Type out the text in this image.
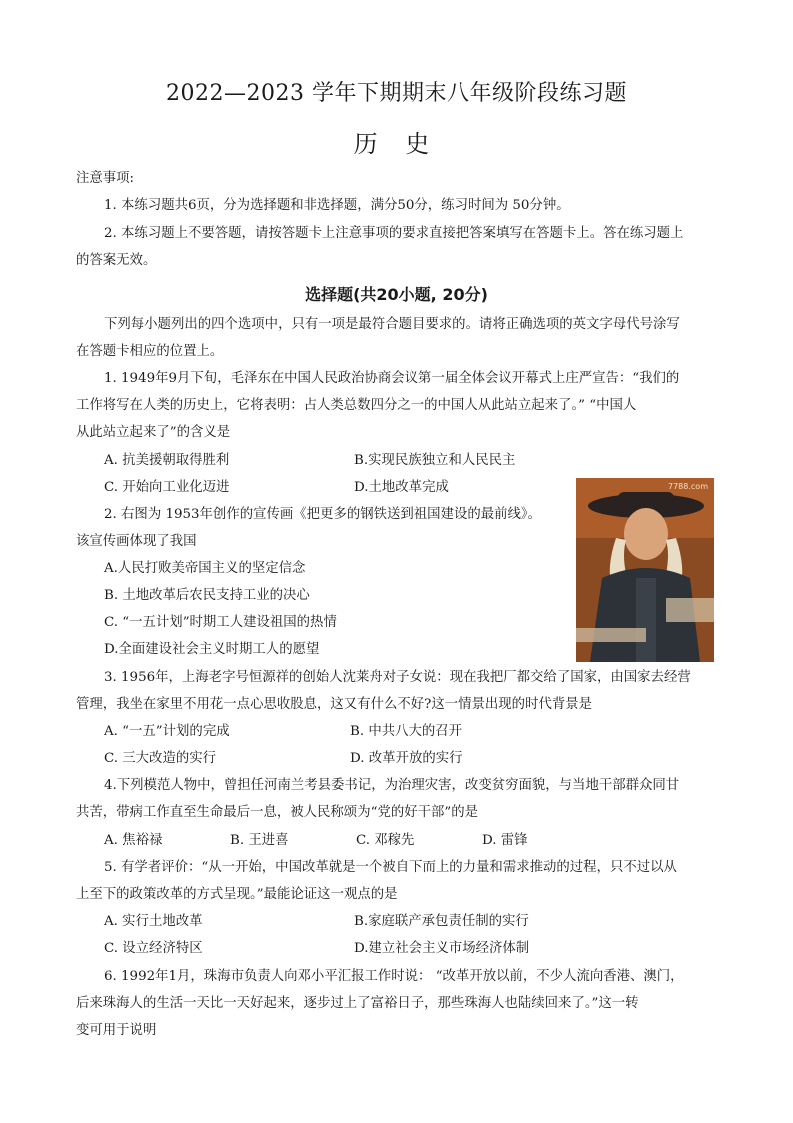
2022—2023 学年下期期末八年级阶段练习题
历 史
注意事项:
1. 本练习题共6页，分为选择题和非选择题，满分50分，练习时间为 50分钟。
2. 本练习题上不要答题，请按答题卡上注意事项的要求直接把答案填写在答题卡上。答在练习题上
的答案无效。
选择题(共20小题, 20分)
下列每小题列出的四个选项中，只有一项是最符合题目要求的。请将正确选项的英文字母代号涂写
在答题卡相应的位置上。
1. 1949年9月下旬，毛泽东在中国人民政治协商会议第一届全体会议开幕式上庄严宣告：“我们的
工作将写在人类的历史上，它将表明：占人类总数四分之一的中国人从此站立起来了。” “中国人
从此站立起来了”的含义是
A. 抗美援朝取得胜利	B.实现民族独立和人民民主
C. 开始向工业化迈进	D.土地改革完成
2. 右图为 1953年创作的宣传画《把更多的钢铁送到祖国建设的最前线》。
该宣传画体现了我国
A.人民打败美帝国主义的坚定信念
B. 土地改革后农民支持工业的决心
C. “一五计划”时期工人建设祖国的热情
D.全面建设社会主义时期工人的愿望
7788.com
3. 1956年，上海老字号恒源祥的创始人沈莱舟对子女说：现在我把厂都交给了国家，由国家去经营
管理，我坐在家里不用花一点心思收股息，这又有什么不好?这一情景出现的时代背景是
A. “一五”计划的完成	B. 中共八大的召开
C. 三大改造的实行	D. 改革开放的实行
4.下列模范人物中，曾担任河南兰考县委书记，为治理灾害，改变贫穷面貌，与当地干部群众同甘
共苦，带病工作直至生命最后一息，被人民称颂为“党的好干部”的是
A. 焦裕禄	B. 王进喜	C. 邓稼先	D. 雷锋
5. 有学者评价：“从一开始，中国改革就是一个被自下而上的力量和需求推动的过程，只不过以从
上至下的政策改革的方式呈现。”最能论证这一观点的是
A. 实行土地改革	B.家庭联产承包责任制的实行
C. 设立经济特区	D.建立社会主义市场经济体制
6. 1992年1月，珠海市负责人向邓小平汇报工作时说： “改革开放以前，不少人流向香港、澳门，
后来珠海人的生活一天比一天好起来，逐步过上了富裕日子，那些珠海人也陆续回来了。”这一转
变可用于说明
